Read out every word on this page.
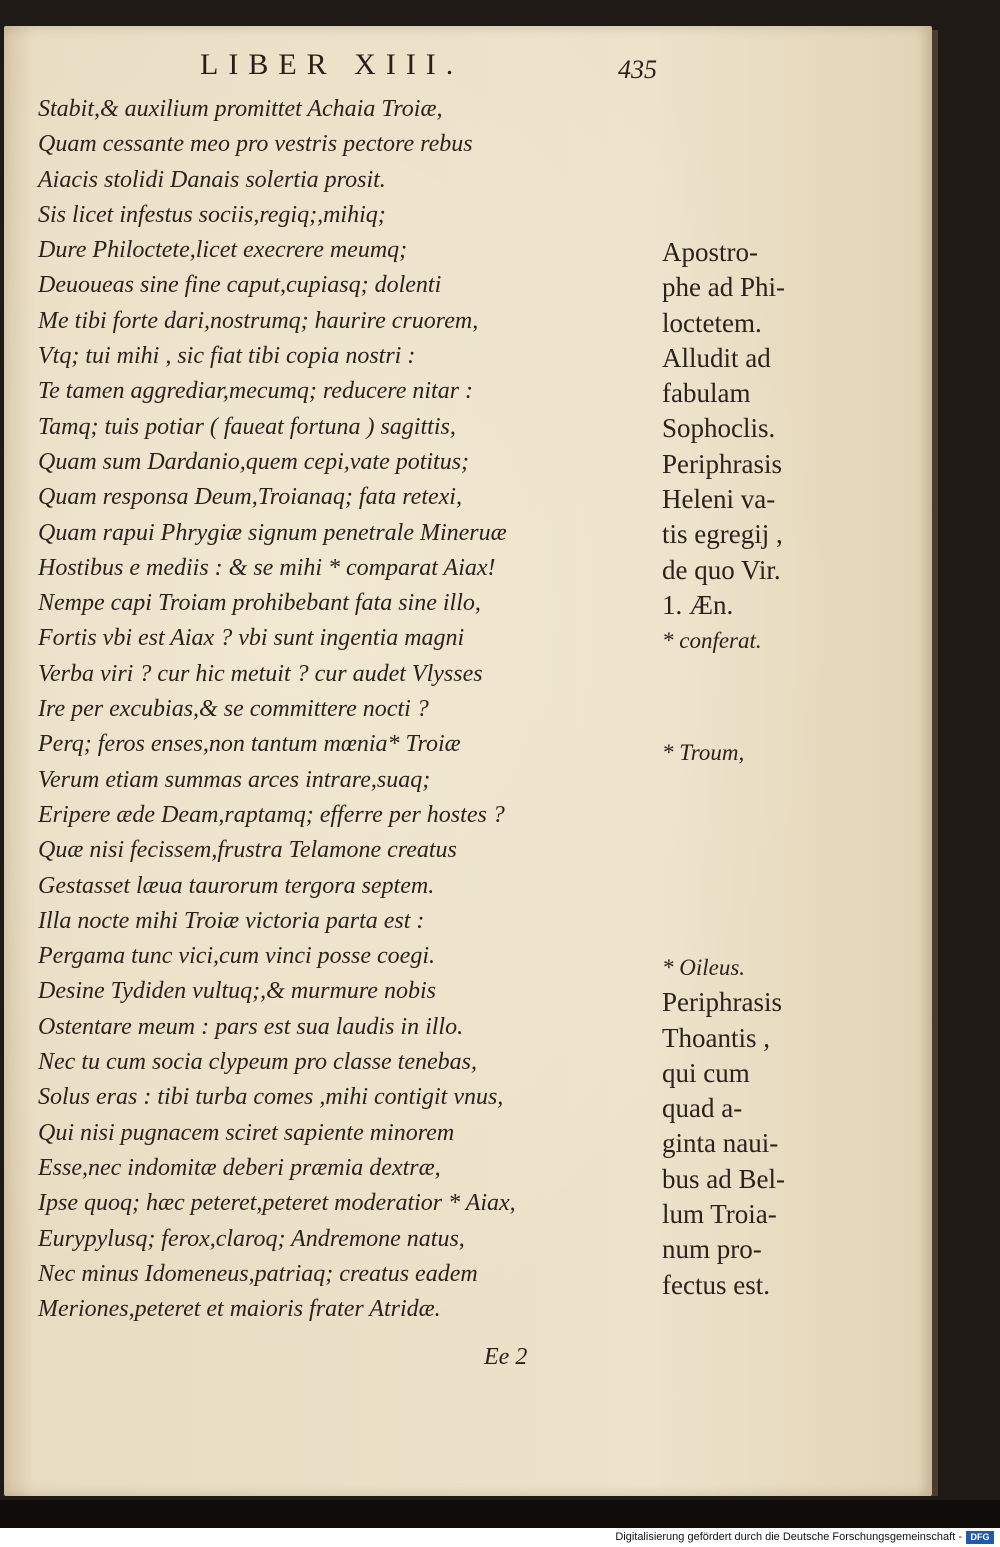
LIBER XIII.	435
Stabit,& auxilium promittet Achaia Troiæ,
Quam cessante meo pro vestris pectore rebus
Aiacis stolidi Danais solertia prosit.
Sis licet infestus sociis,regiq;,mihiq;
Dure Philoctete,licet execrere meumq;
Deuoueas sine fine caput,cupiasq; dolenti
Me tibi forte dari,nostrumq; haurire cruorem,
Vtq; tui mihi , sic fiat tibi copia nostri :
Te tamen aggrediar,mecumq; reducere nitar :
Tamq; tuis potiar ( faueat fortuna ) sagittis,
Quam sum Dardanio,quem cepi,vate potitus;
Quam responsa Deum,Troianaq; fata retexi,
Quam rapui Phrygiæ signum penetrale Mineruæ
Hostibus e mediis : & se mihi * comparat Aiax!
Nempe capi Troiam prohibebant fata sine illo,
Fortis vbi est Aiax ? vbi sunt ingentia magni
Verba viri ? cur hic metuit ? cur audet Vlysses
Ire per excubias,& se committere nocti ?
Perq; feros enses,non tantum mœnia* Troiæ
Verum etiam summas arces intrare,suaq;
Eripere æde Deam,raptamq; efferre per hostes ?
Quæ nisi fecissem,frustra Telamone creatus
Gestasset læua taurorum tergora septem.
Illa nocte mihi Troiæ victoria parta est :
Pergama tunc vici,cum vinci posse coegi.
Desine Tydiden vultuq;,& murmure nobis
Ostentare meum : pars est sua laudis in illo.
Nec tu cum socia clypeum pro classe tenebas,
Solus eras : tibi turba comes ,mihi contigit vnus,
Qui nisi pugnacem sciret sapiente minorem
Esse,nec indomitæ deberi præmia dextræ,
Ipse quoq; hæc peteret,peteret moderatior * Aiax,
Eurypylusq; ferox,claroq; Andremone natus,
Nec minus Idomeneus,patriaq; creatus eadem
Meriones,peteret et maioris frater Atridæ.
Apostro-
phe ad Phi-
loctetem.
Alludit ad
fabulam
Sophoclis.
Periphrasis
Heleni va-
tis egregij ,
de quo Vir.
1. Æn.
* conferat.
* Troum,
* Oileus.
Periphrasis
Thoantis ,
qui cum
quad a-
ginta naui-
bus ad Bel-
lum Troia-
num pro-
fectus est.
Ee 2
Digitalisierung gefördert durch die Deutsche Forschungsgemeinschaft - DFG
